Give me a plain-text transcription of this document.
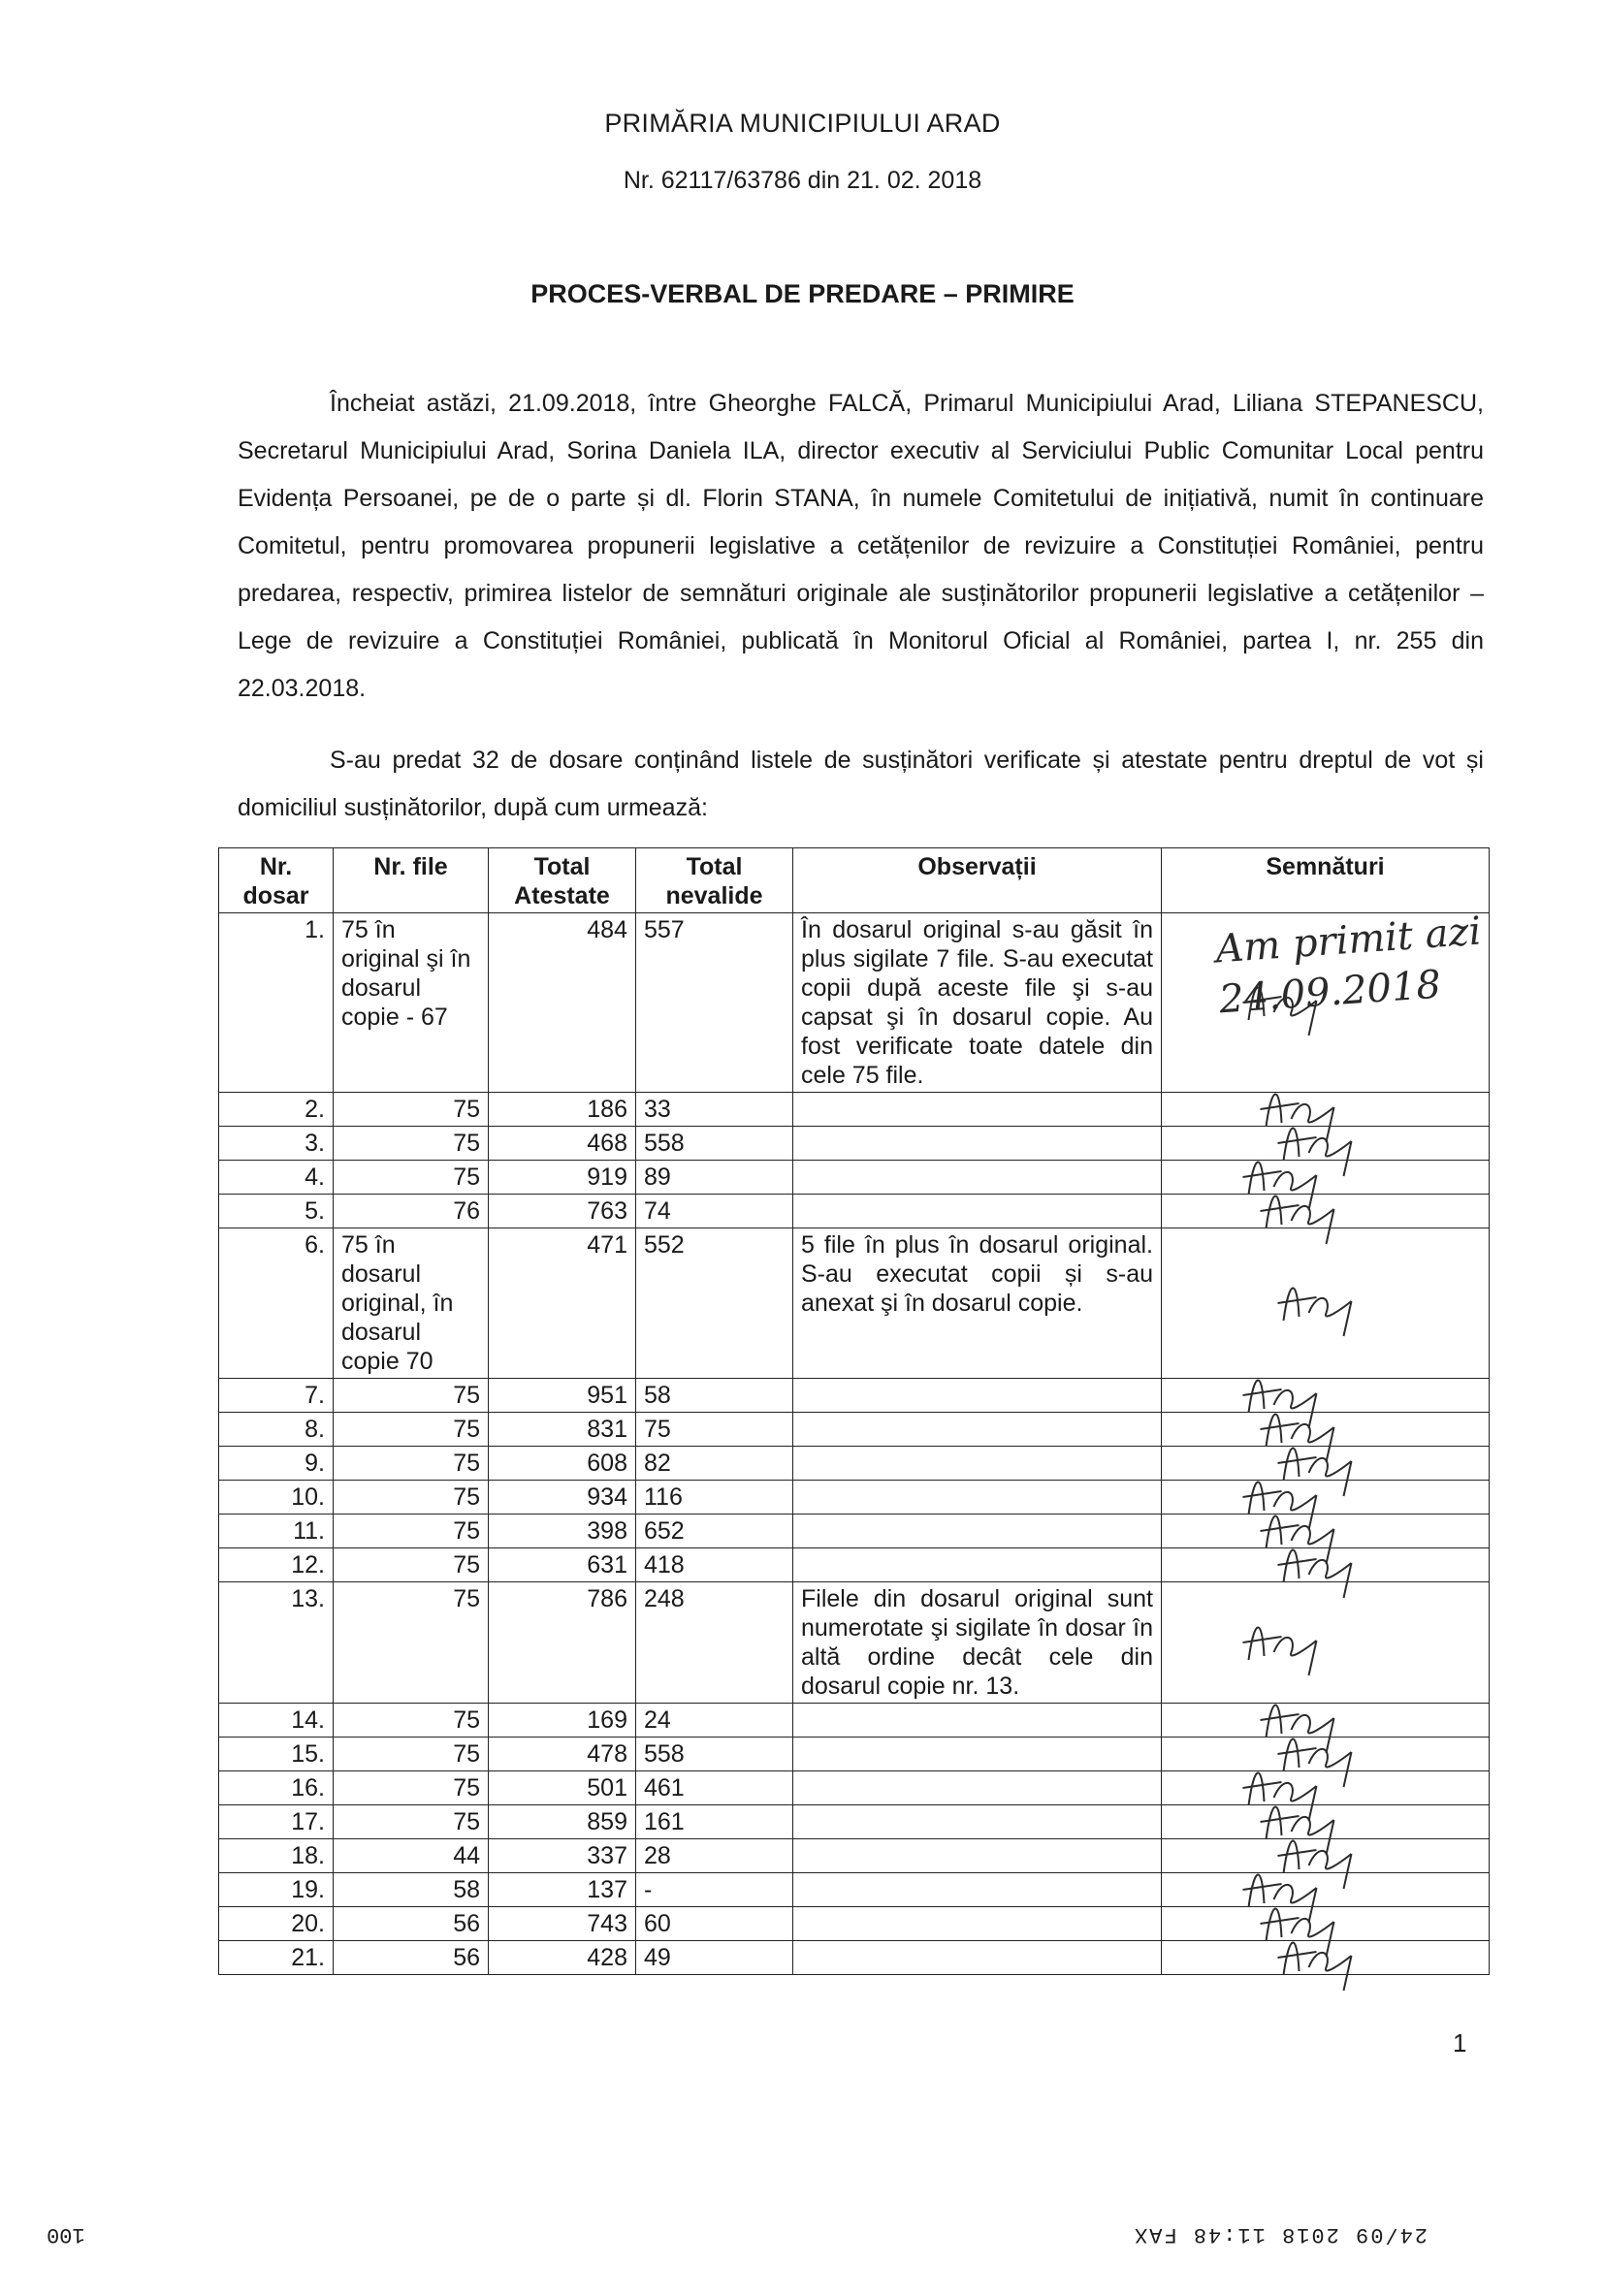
PRIMĂRIA MUNICIPIULUI ARAD
Nr. 62117/63786 din 21. 02. 2018
PROCES-VERBAL DE PREDARE – PRIMIRE
Încheiat astăzi, 21.09.2018, între Gheorghe FALCĂ, Primarul Municipiului Arad, Liliana STEPANESCU, Secretarul Municipiului Arad, Sorina Daniela ILA, director executiv al Serviciului Public Comunitar Local pentru Evidența Persoanei, pe de o parte și dl. Florin STANA, în numele Comitetului de inițiativă, numit în continuare Comitetul, pentru promovarea propunerii legislative a cetățenilor de revizuire a Constituției României, pentru predarea, respectiv, primirea listelor de semnături originale ale susținătorilor propunerii legislative a cetățenilor – Lege de revizuire a Constituției României, publicată în Monitorul Oficial al României, partea I, nr. 255 din 22.03.2018.
S-au predat 32 de dosare conținând listele de susținători verificate și atestate pentru dreptul de vot și domiciliul susținătorilor, după cum urmează:
Nr. dosar	Nr. file	Total Atestate	Total nevalide	Observații	Semnături
1.	75 în original şi în dosarul copie - 67	484	557	În dosarul original s-au găsit în plus sigilate 7 file. S-au executat copii după aceste file şi s-au capsat şi în dosarul copie. Au fost verificate toate datele din cele 75 file.	
2.	75	186	33		
3.	75	468	558		
4.	75	919	89		
5.	76	763	74		
6.	75 în dosarul original, în dosarul copie 70	471	552	5 file în plus în dosarul original. S-au executat copii și s-au anexat şi în dosarul copie.	
7.	75	951	58		
8.	75	831	75		
9.	75	608	82		
10.	75	934	116		
11.	75	398	652		
12.	75	631	418		
13.	75	786	248	Filele din dosarul original sunt numerotate şi sigilate în dosar în altă ordine decât cele din dosarul copie nr. 13.	
14.	75	169	24		
15.	75	478	558		
16.	75	501	461		
17.	75	859	161		
18.	44	337	28		
19.	58	137	-		
20.	56	743	60		
21.	56	428	49		
Am primit azi 24.09.2018
1
100	24/09 2018 11:48 FAX
